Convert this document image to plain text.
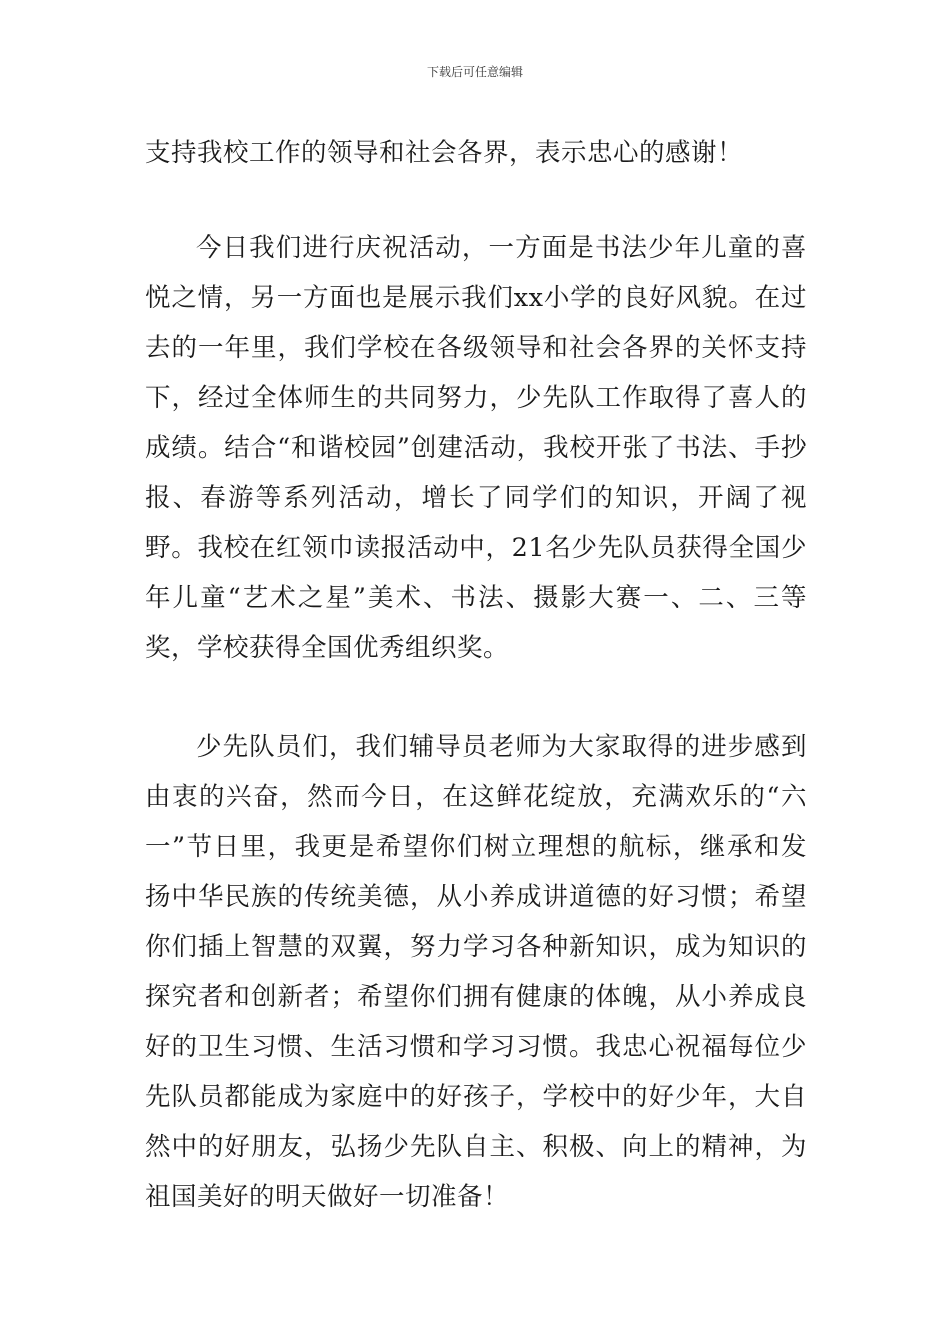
下载后可任意编辑

支持我校工作的领导和社会各界，表示忠心的感谢！

今日我们进行庆祝活动，一方面是书法少年儿童的喜悦之情，另一方面也是展示我们xx小学的良好风貌。在过去的一年里，我们学校在各级领导和社会各界的关怀支持下，经过全体师生的共同努力，少先队工作取得了喜人的成绩。结合“和谐校园”创建活动，我校开张了书法、手抄报、春游等系列活动，增长了同学们的知识，开阔了视野。我校在红领巾读报活动中，21名少先队员获得全国少年儿童“艺术之星”美术、书法、摄影大赛一、二、三等奖，学校获得全国优秀组织奖。

少先队员们，我们辅导员老师为大家取得的进步感到由衷的兴奋，然而今日，在这鲜花绽放，充满欢乐的“六一”节日里，我更是希望你们树立理想的航标，继承和发扬中华民族的传统美德，从小养成讲道德的好习惯；希望你们插上智慧的双翼，努力学习各种新知识，成为知识的探究者和创新者；希望你们拥有健康的体魄，从小养成良好的卫生习惯、生活习惯和学习习惯。我忠心祝福每位少先队员都能成为家庭中的好孩子，学校中的好少年，大自然中的好朋友，弘扬少先队自主、积极、向上的精神，为祖国美好的明天做好一切准备！
